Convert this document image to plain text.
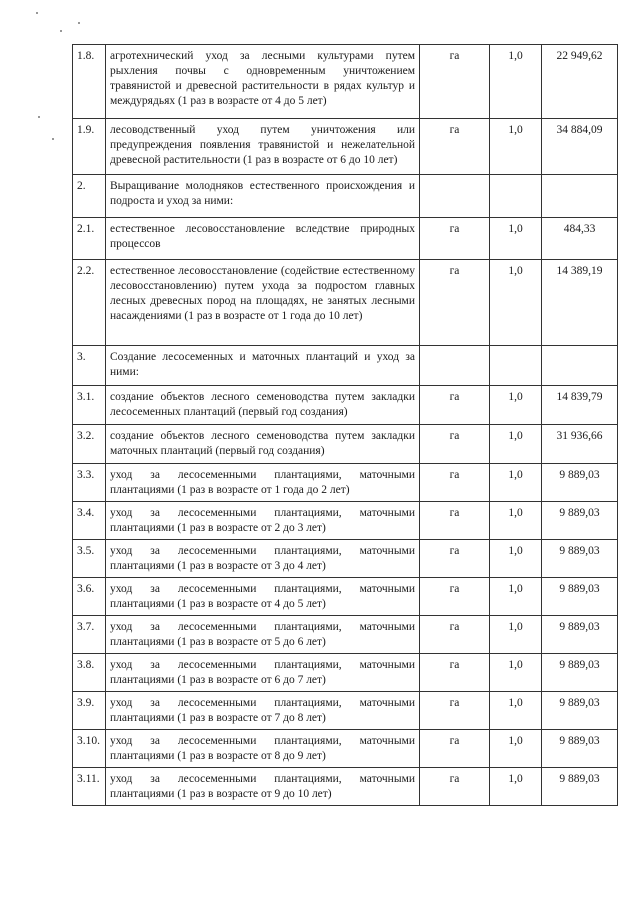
1.8.	агротехнический уход за лесными культурами путем рыхления почвы с одновременным уничтожением травянистой и древесной растительности в рядах культур и междурядьях (1 раз в возрасте от 4 до 5 лет)	га	1,0	22 949,62
1.9.	лесоводственный уход путем уничтожения или предупреждения появления травянистой и нежелательной древесной растительности (1 раз в возрасте от 6 до 10 лет)	га	1,0	34 884,09
2.	Выращивание молодняков естественного происхождения и подроста и уход за ними:			
2.1.	естественное лесовосстановление вследствие природных процессов	га	1,0	484,33
2.2.	естественное лесовосстановление (содействие естественному лесовосстановлению) путем ухода за подростом главных лесных древесных пород на площадях, не занятых лесными насаждениями (1 раз в возрасте от 1 года до 10 лет)	га	1,0	14 389,19
3.	Создание лесосеменных и маточных плантаций и уход за ними:			
3.1.	создание объектов лесного семеноводства путем закладки лесосеменных плантаций (первый год создания)	га	1,0	14 839,79
3.2.	создание объектов лесного семеноводства путем закладки маточных плантаций (первый год создания)	га	1,0	31 936,66
3.3.	уход за лесосеменными плантациями, маточными плантациями (1 раз в возрасте от 1 года до 2 лет)	га	1,0	9 889,03
3.4.	уход за лесосеменными плантациями, маточными плантациями (1 раз в возрасте от 2 до 3 лет)	га	1,0	9 889,03
3.5.	уход за лесосеменными плантациями, маточными плантациями (1 раз в возрасте от 3 до 4 лет)	га	1,0	9 889,03
3.6.	уход за лесосеменными плантациями, маточными плантациями (1 раз в возрасте от 4 до 5 лет)	га	1,0	9 889,03
3.7.	уход за лесосеменными плантациями, маточными плантациями (1 раз в возрасте от 5 до 6 лет)	га	1,0	9 889,03
3.8.	уход за лесосеменными плантациями, маточными плантациями (1 раз в возрасте от 6 до 7 лет)	га	1,0	9 889,03
3.9.	уход за лесосеменными плантациями, маточными плантациями (1 раз в возрасте от 7 до 8 лет)	га	1,0	9 889,03
3.10.	уход за лесосеменными плантациями, маточными плантациями (1 раз в возрасте от 8 до 9 лет)	га	1,0	9 889,03
3.11.	уход за лесосеменными плантациями, маточными плантациями (1 раз в возрасте от 9 до 10 лет)	га	1,0	9 889,03
